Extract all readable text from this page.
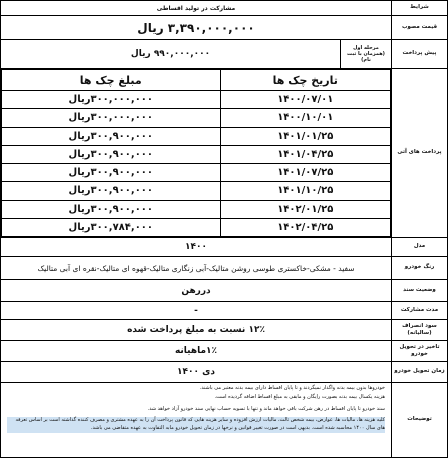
شرایط
مشارکت در تولید اقساطی
قیمت مصوب
۳,۳۹۰,۰۰۰,۰۰۰ ریال
پیش پرداخت
مرحله اول (همزمان با ثبت نام)
۹۹۰,۰۰۰,۰۰۰ ریال
پرداخت های آتی
تاریخ چک ها	مبلغ چک ها
۱۴۰۰/۰۷/۰۱	۳۰۰,۰۰۰,۰۰۰ریال
۱۴۰۰/۱۰/۰۱	۳۰۰,۰۰۰,۰۰۰ریال
۱۴۰۱/۰۱/۲۵	۳۰۰,۹۰۰,۰۰۰ریال
۱۴۰۱/۰۴/۲۵	۳۰۰,۹۰۰,۰۰۰ریال
۱۴۰۱/۰۷/۲۵	۳۰۰,۹۰۰,۰۰۰ریال
۱۴۰۱/۱۰/۲۵	۳۰۰,۹۰۰,۰۰۰ریال
۱۴۰۲/۰۱/۲۵	۳۰۰,۹۰۰,۰۰۰ریال
۱۴۰۲/۰۴/۲۵	۳۰۰,۷۸۴,۰۰۰ریال
مدل
۱۴۰۰
رنگ خودرو
سفید - مشکی-خاکستری طوسی روشن متالیک-آبی زنگاری متالیک-قهوه ای متالیک-نقره ای آبی متالیک
وضعیت سند
دررهن
مدت مشارکت
-
سود انصراف (سالیانه)
۱۲٪ نسبت به مبلغ پرداخت شده
تاخیر در تحویل خودرو
۱٪ماهیانه
زمان تحویل خودرو
دی ۱۴۰۰
توضیحات

خودروها بدون بیمه بدنه واگذار نمیگردند و تا پایان اقساط دارای بیمه بدنه معتبر می باشند.

هزینه یکسال بیمه بدنه بصورت رایگان و مابقی به مبلغ اقساط اضافه گردیده است.

سند خودرو تا پایان اقساط در رهن شرکت باقی خواهد ماند و تنها با تسویه حساب نهایی سند خودرو آزاد خواهد شد.

کلیه هزینه ها، مالیات ها، عوارض، بیمه شخص ثالث، مالیات ارزش افزوده و سایر هزینه هایی که قانون پرداخت آن را به عهده مشتری و مصرف کننده گذاشته است بر اساس تعرفه های سال ۱۴۰۰ محاسبه شده است. بدیهی است در صورت تغییر قوانین و نرخها در زمان تحویل خودرو مابه التفاوت به عهده متقاضی می باشد.
